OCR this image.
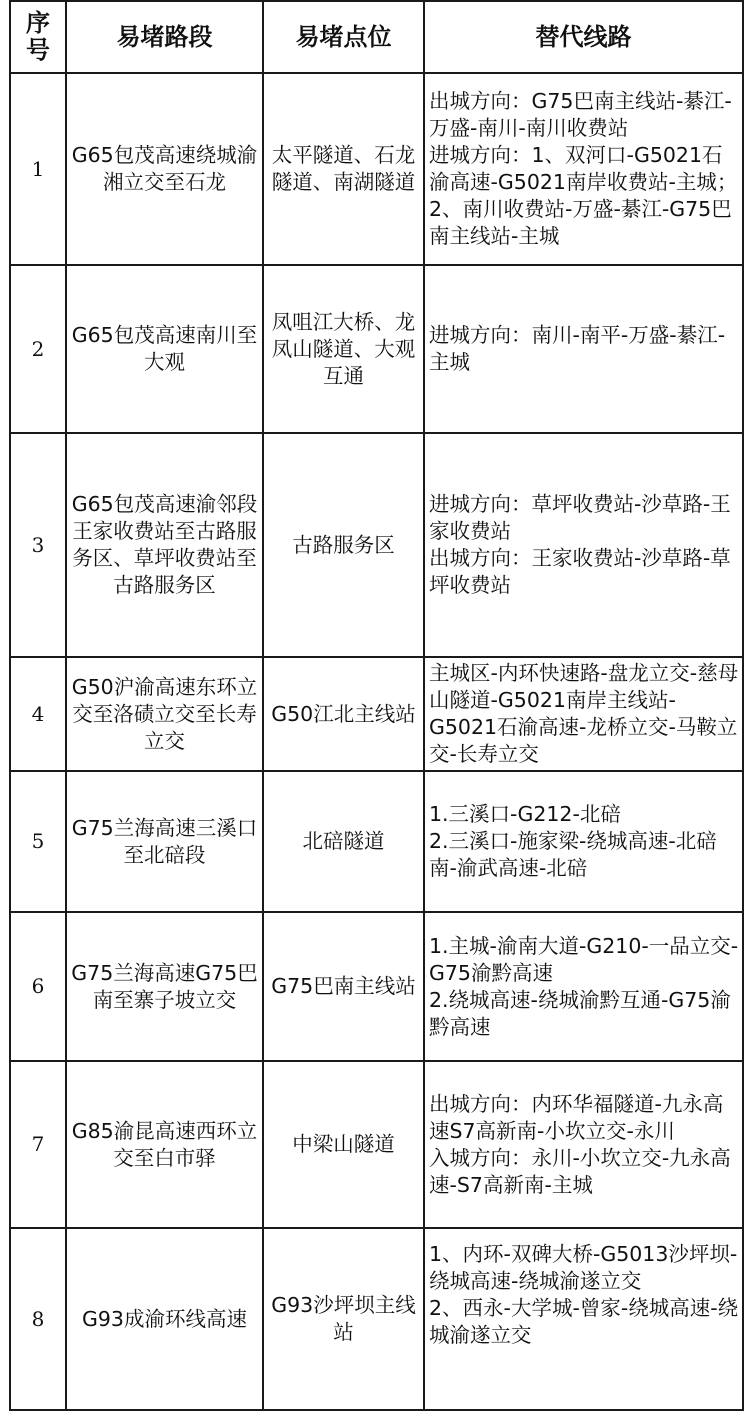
序
号	易堵路段	易堵点位	替代线路
1	G65包茂高速绕城渝湘立交至石龙	太平隧道、石龙隧道、南湖隧道	出城方向：G75巴南主线站-綦江-万盛-南川-南川收费站
进城方向：1、双河口-G5021石渝高速-G5021南岸收费站-主城；2、南川收费站-万盛-綦江-G75巴南主线站-主城
2	G65包茂高速南川至大观	凤咀江大桥、龙凤山隧道、大观互通	进城方向：南川-南平-万盛-綦江-主城
3	G65包茂高速渝邻段王家收费站至古路服务区、草坪收费站至古路服务区	古路服务区	进城方向：草坪收费站-沙草路-王家收费站
出城方向：王家收费站-沙草路-草坪收费站
4	G50沪渝高速东环立交至洛碛立交至长寿立交	G50江北主线站	主城区-内环快速路-盘龙立交-慈母山隧道-G5021南岸主线站-G5021石渝高速-龙桥立交-马鞍立交-长寿立交
5	G75兰海高速三溪口至北碚段	北碚隧道	1.三溪口-G212-北碚
2.三溪口-施家梁-绕城高速-北碚南-渝武高速-北碚
6	G75兰海高速G75巴南至寨子坡立交	G75巴南主线站	1.主城-渝南大道-G210-一品立交-G75渝黔高速
2.绕城高速-绕城渝黔互通-G75渝黔高速
7	G85渝昆高速西环立交至白市驿	中梁山隧道	出城方向：内环华福隧道-九永高速S7高新南-小坎立交-永川
入城方向：永川-小坎立交-九永高速-S7高新南-主城
8	G93成渝环线高速	G93沙坪坝主线站	1、内环-双碑大桥-G5013沙坪坝-绕城高速-绕城渝遂立交
2、西永-大学城-曾家-绕城高速-绕城渝遂立交
